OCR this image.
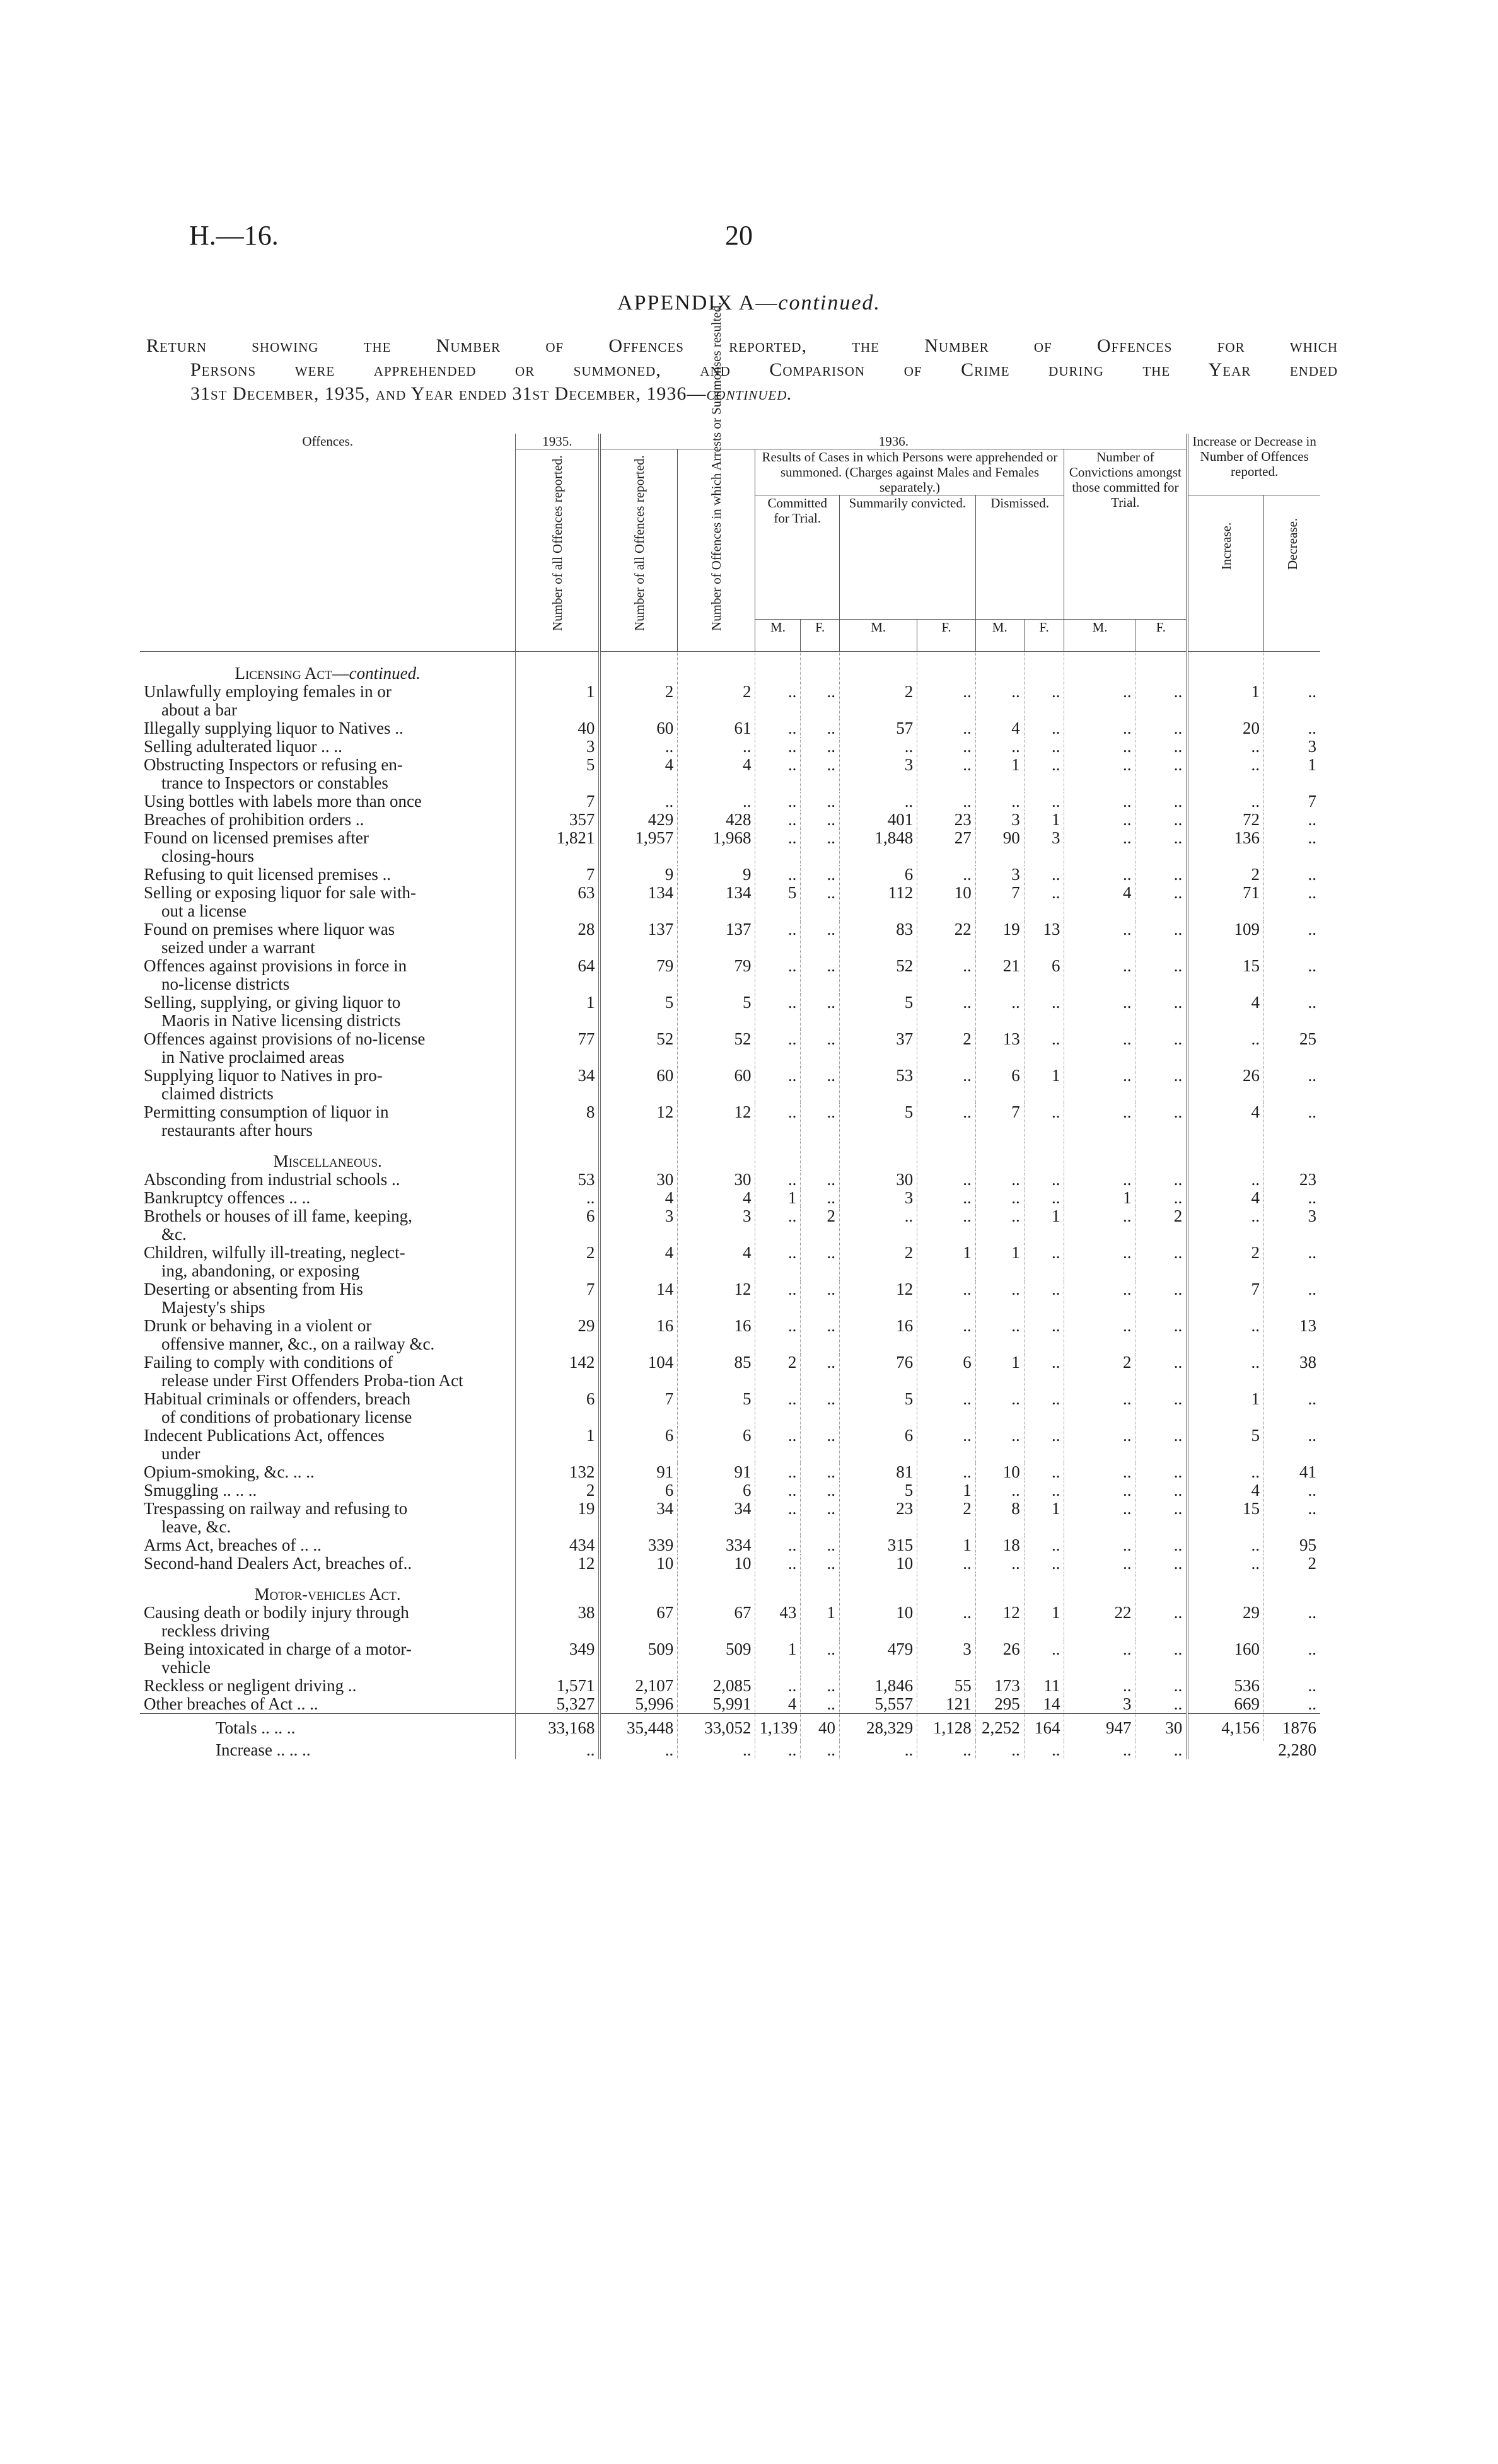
H.—16.	20
APPENDIX A—continued.
Return showing the Number of Offences reported, the Number of Offences for which
Persons were apprehended or summoned, and Comparison of Crime during the Year ended
31st December, 1935, and Year ended 31st December, 1936—continued.
Offences.	1935.	1936.										Increase or Decrease in Number of Offences reported.	

	Number of all Offences reported.	Number of all Offences reported.	Number of Offences in which Arrests or Summonses resulted.	Results of Cases in which Persons were apprehended or summoned. (Charges against Males and Females separately.)						Number of Convictions amongst those committed for Trial.			
				Committed for Trial.		Summarily convicted.		Dismissed.				Increase.	Decrease.

				M.	F.	M.	F.	M.	F.	M.	F.		
Licensing Act—continued.													
Unlawfully employing females in or
about a bar	1	2	2	..	..	2	..	..	..	..	..	1	..
Illegally supplying liquor to Natives ..	40	60	61	..	..	57	..	4	..	..	..	20	..
Selling adulterated liquor .. ..	3	..	..	..	..	..	..	..	..	..	..	..	3
Obstructing Inspectors or refusing en-
trance to Inspectors or constables	5	4	4	..	..	3	..	1	..	..	..	..	1
Using bottles with labels more than once	7	..	..	..	..	..	..	..	..	..	..	..	7
Breaches of prohibition orders ..	357	429	428	..	..	401	23	3	1	..	..	72	..
Found on licensed premises after
closing-hours	1,821	1,957	1,968	..	..	1,848	27	90	3	..	..	136	..
Refusing to quit licensed premises ..	7	9	9	..	..	6	..	3	..	..	..	2	..
Selling or exposing liquor for sale with-
out a license	63	134	134	5	..	112	10	7	..	4	..	71	..
Found on premises where liquor was
seized under a warrant	28	137	137	..	..	83	22	19	13	..	..	109	..
Offences against provisions in force in
no-license districts	64	79	79	..	..	52	..	21	6	..	..	15	..
Selling, supplying, or giving liquor to
Maoris in Native licensing districts	1	5	5	..	..	5	..	..	..	..	..	4	..
Offences against provisions of no-license
in Native proclaimed areas	77	52	52	..	..	37	2	13	..	..	..	..	25
Supplying liquor to Natives in pro-
claimed districts	34	60	60	..	..	53	..	6	1	..	..	26	..
Permitting consumption of liquor in
restaurants after hours	8	12	12	..	..	5	..	7	..	..	..	4	..
Miscellaneous.													
Absconding from industrial schools ..	53	30	30	..	..	30	..	..	..	..	..	..	23
Bankruptcy offences .. ..	..	4	4	1	..	3	..	..	..	1	..	4	..
Brothels or houses of ill fame, keeping,
&c.	6	3	3	..	2	..	..	..	1	..	2	..	3
Children, wilfully ill-treating, neglect-
ing, abandoning, or exposing	2	4	4	..	..	2	1	1	..	..	..	2	..
Deserting or absenting from His
Majesty's ships	7	14	12	..	..	12	..	..	..	..	..	7	..
Drunk or behaving in a violent or
offensive manner, &c., on a railway &c.	29	16	16	..	..	16	..	..	..	..	..	..	13
Failing to comply with conditions of
release under First Offenders Proba-tion Act	142	104	85	2	..	76	6	1	..	2	..	..	38
Habitual criminals or offenders, breach
of conditions of probationary license	6	7	5	..	..	5	..	..	..	..	..	1	..
Indecent Publications Act, offences
under	1	6	6	..	..	6	..	..	..	..	..	5	..
Opium-smoking, &c. .. ..	132	91	91	..	..	81	..	10	..	..	..	..	41
Smuggling .. .. ..	2	6	6	..	..	5	1	..	..	..	..	4	..
Trespassing on railway and refusing to
leave, &c.	19	34	34	..	..	23	2	8	1	..	..	15	..
Arms Act, breaches of .. ..	434	339	334	..	..	315	1	18	..	..	..	..	95
Second-hand Dealers Act, breaches of..	12	10	10	..	..	10	..	..	..	..	..	..	2
Motor-vehicles Act.													
Causing death or bodily injury through
reckless driving	38	67	67	43	1	10	..	12	1	22	..	29	..
Being intoxicated in charge of a motor-
vehicle	349	509	509	1	..	479	3	26	..	..	..	160	..
Reckless or negligent driving ..	1,571	2,107	2,085	..	..	1,846	55	173	11	..	..	536	..
Other breaches of Act .. ..	5,327	5,996	5,991	4	..	5,557	121	295	14	3	..	669	..
Totals .. .. ..	33,168	35,448	33,052	1,139	40	28,329	1,128	2,252	164	947	30	4,156	1876
Increase .. .. ..	..	..	..	..	..	..	..	..	..	..	..	2,280	
